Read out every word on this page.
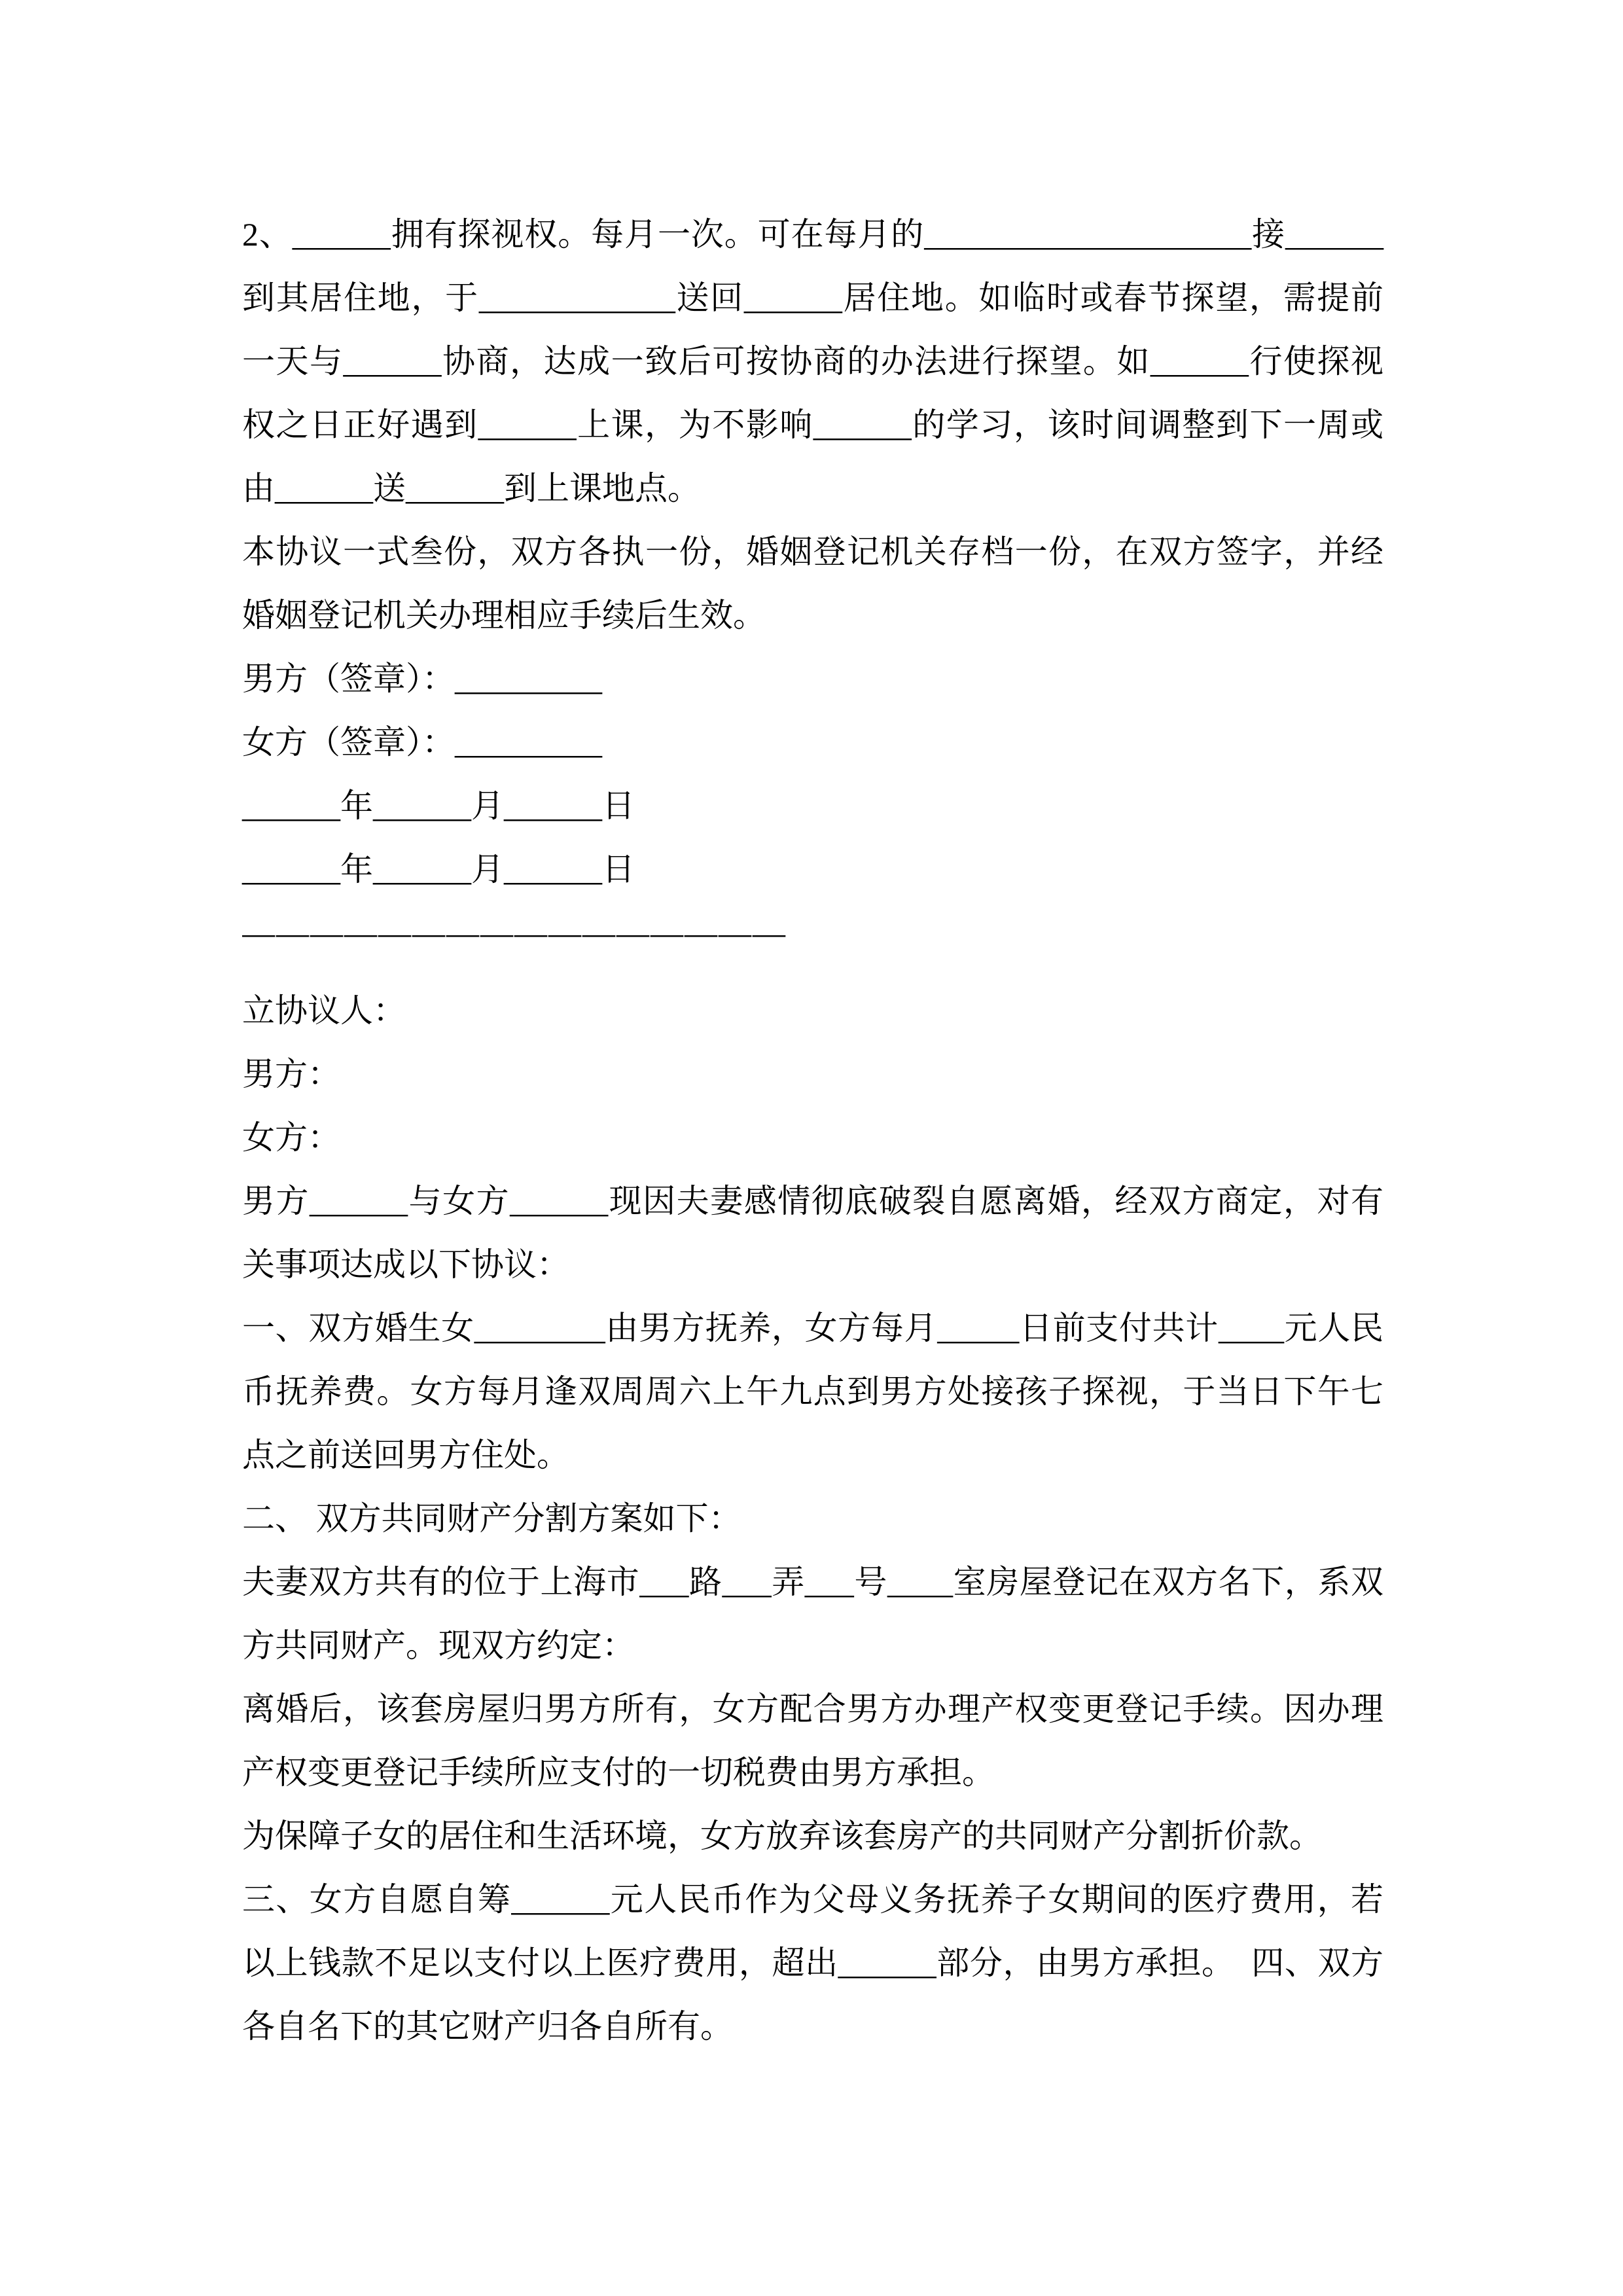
2、______拥有探视权。每月一次。可在每月的____________________接______到其居住地，于____________送回______居住地。如临时或春节探望，需提前一天与______协商，达成一致后可按协商的办法进行探望。如______行使探视权之日正好遇到______上课，为不影响______的学习，该时间调整到下一周或由______送______到上课地点。

本协议一式叁份，双方各执一份，婚姻登记机关存档一份，在双方签字，并经婚姻登记机关办理相应手续后生效。

男方（签章）：_________

女方（签章）：_________

______年______月______日

______年______月______日

————————————————

立协议人：

男方：

女方：

男方______与女方______现因夫妻感情彻底破裂自愿离婚，经双方商定，对有关事项达成以下协议：

一、双方婚生女________由男方抚养，女方每月_____日前支付共计____元人民币抚养费。女方每月逢双周周六上午九点到男方处接孩子探视，于当日下午七点之前送回男方住处。

二、 双方共同财产分割方案如下：

夫妻双方共有的位于上海市___路___弄___号____室房屋登记在双方名下，系双方共同财产。现双方约定：

离婚后，该套房屋归男方所有，女方配合男方办理产权变更登记手续。因办理产权变更登记手续所应支付的一切税费由男方承担。

为保障子女的居住和生活环境，女方放弃该套房产的共同财产分割折价款。

三、女方自愿自筹______元人民币作为父母义务抚养子女期间的医疗费用，若以上钱款不足以支付以上医疗费用，超出______部分，由男方承担。　四、双方各自名下的其它财产归各自所有。
